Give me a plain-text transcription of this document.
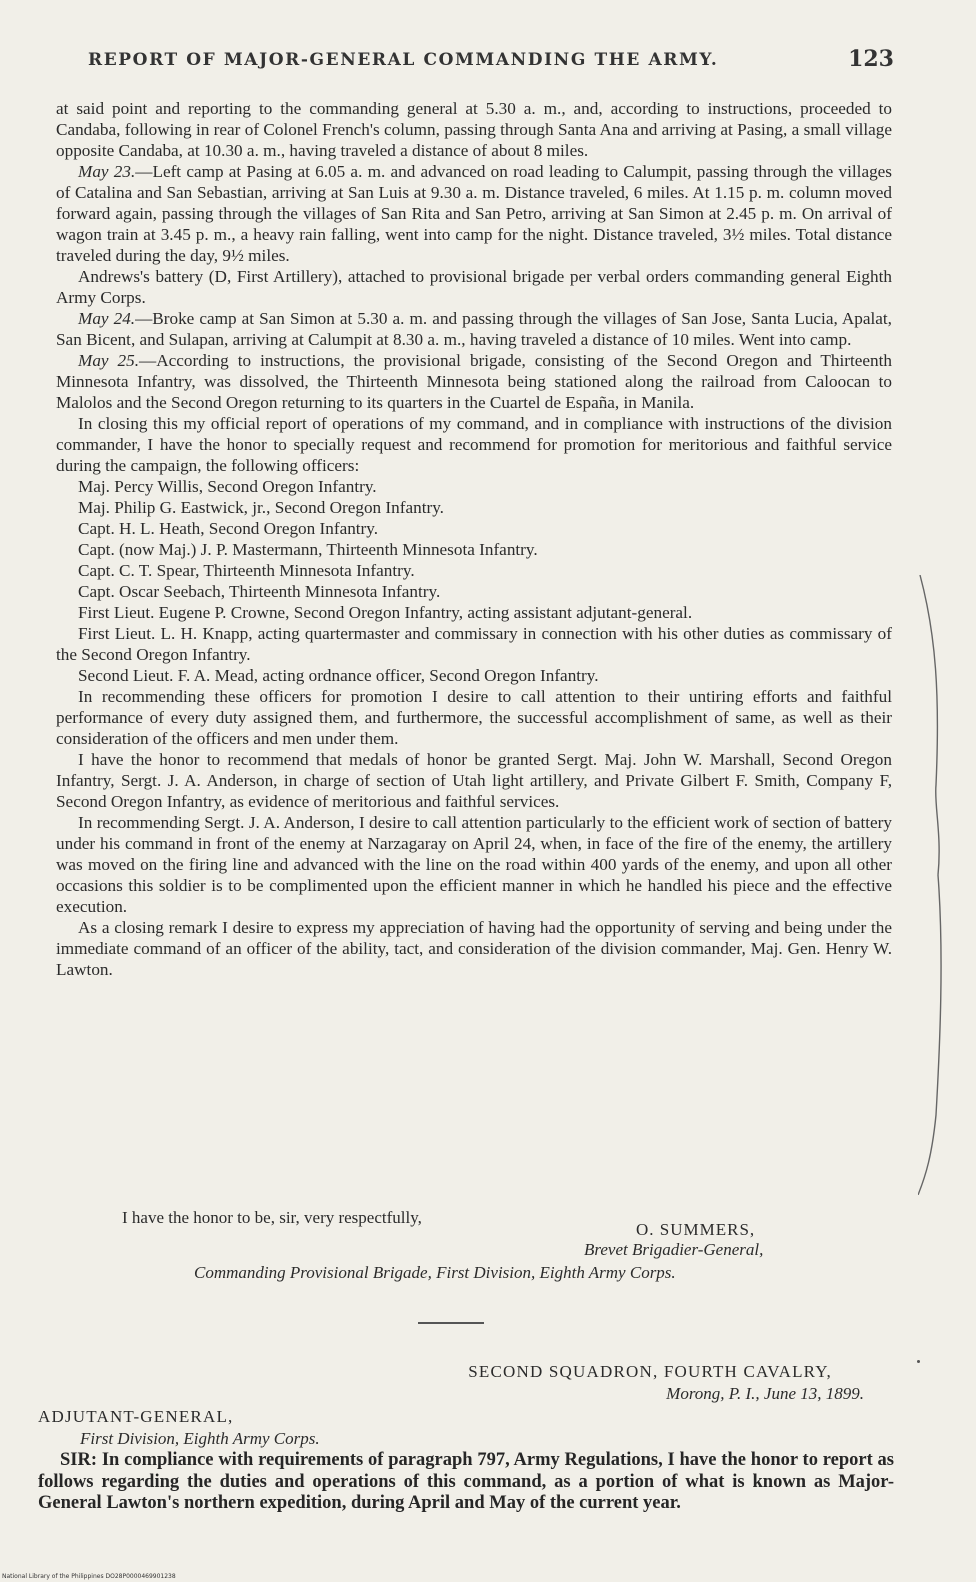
REPORT OF MAJOR-GENERAL COMMANDING THE ARMY.	123

at said point and reporting to the commanding general at 5.30 a. m., and, according to instructions, proceeded to Candaba, following in rear of Colonel French's column, passing through Santa Ana and arriving at Pasing, a small village opposite Candaba, at 10.30 a. m., having traveled a distance of about 8 miles.

May 23.—Left camp at Pasing at 6.05 a. m. and advanced on road leading to Calumpit, passing through the villages of Catalina and San Sebastian, arriving at San Luis at 9.30 a. m. Distance traveled, 6 miles. At 1.15 p. m. column moved forward again, passing through the villages of San Rita and San Petro, arriving at San Simon at 2.45 p. m. On arrival of wagon train at 3.45 p. m., a heavy rain falling, went into camp for the night. Distance traveled, 3½ miles. Total distance traveled during the day, 9½ miles.

Andrews's battery (D, First Artillery), attached to provisional brigade per verbal orders commanding general Eighth Army Corps.

May 24.—Broke camp at San Simon at 5.30 a. m. and passing through the villages of San Jose, Santa Lucia, Apalat, San Bicent, and Sulapan, arriving at Calumpit at 8.30 a. m., having traveled a distance of 10 miles. Went into camp.

May 25.—According to instructions, the provisional brigade, consisting of the Second Oregon and Thirteenth Minnesota Infantry, was dissolved, the Thirteenth Minnesota being stationed along the railroad from Caloocan to Malolos and the Second Oregon returning to its quarters in the Cuartel de España, in Manila.

In closing this my official report of operations of my command, and in compliance with instructions of the division commander, I have the honor to specially request and recommend for promotion for meritorious and faithful service during the campaign, the following officers:

Maj. Percy Willis, Second Oregon Infantry.

Maj. Philip G. Eastwick, jr., Second Oregon Infantry.

Capt. H. L. Heath, Second Oregon Infantry.

Capt. (now Maj.) J. P. Mastermann, Thirteenth Minnesota Infantry.

Capt. C. T. Spear, Thirteenth Minnesota Infantry.

Capt. Oscar Seebach, Thirteenth Minnesota Infantry.

First Lieut. Eugene P. Crowne, Second Oregon Infantry, acting assistant adjutant-general.

First Lieut. L. H. Knapp, acting quartermaster and commissary in connection with his other duties as commissary of the Second Oregon Infantry.

Second Lieut. F. A. Mead, acting ordnance officer, Second Oregon Infantry.

In recommending these officers for promotion I desire to call attention to their untiring efforts and faithful performance of every duty assigned them, and furthermore, the successful accomplishment of same, as well as their consideration of the officers and men under them.

I have the honor to recommend that medals of honor be granted Sergt. Maj. John W. Marshall, Second Oregon Infantry, Sergt. J. A. Anderson, in charge of section of Utah light artillery, and Private Gilbert F. Smith, Company F, Second Oregon Infantry, as evidence of meritorious and faithful services.

In recommending Sergt. J. A. Anderson, I desire to call attention particularly to the efficient work of section of battery under his command in front of the enemy at Narzagaray on April 24, when, in face of the fire of the enemy, the artillery was moved on the firing line and advanced with the line on the road within 400 yards of the enemy, and upon all other occasions this soldier is to be complimented upon the efficient manner in which he handled his piece and the effective execution.

As a closing remark I desire to express my appreciation of having had the opportunity of serving and being under the immediate command of an officer of the ability, tact, and consideration of the division commander, Maj. Gen. Henry W. Lawton.

I have the honor to be, sir, very respectfully,
O. SUMMERS,
Brevet Brigadier-General,
Commanding Provisional Brigade, First Division, Eighth Army Corps.
SECOND SQUADRON, FOURTH CAVALRY,
Morong, P. I., June 13, 1899.
ADJUTANT-GENERAL,
First Division, Eighth Army Corps.

SIR: In compliance with requirements of paragraph 797, Army Regulations, I have the honor to report as follows regarding the duties and operations of this command, as a portion of what is known as Major-General Lawton's northern expedition, during April and May of the current year.

National Library of the Philippines DO28P0000469901238
